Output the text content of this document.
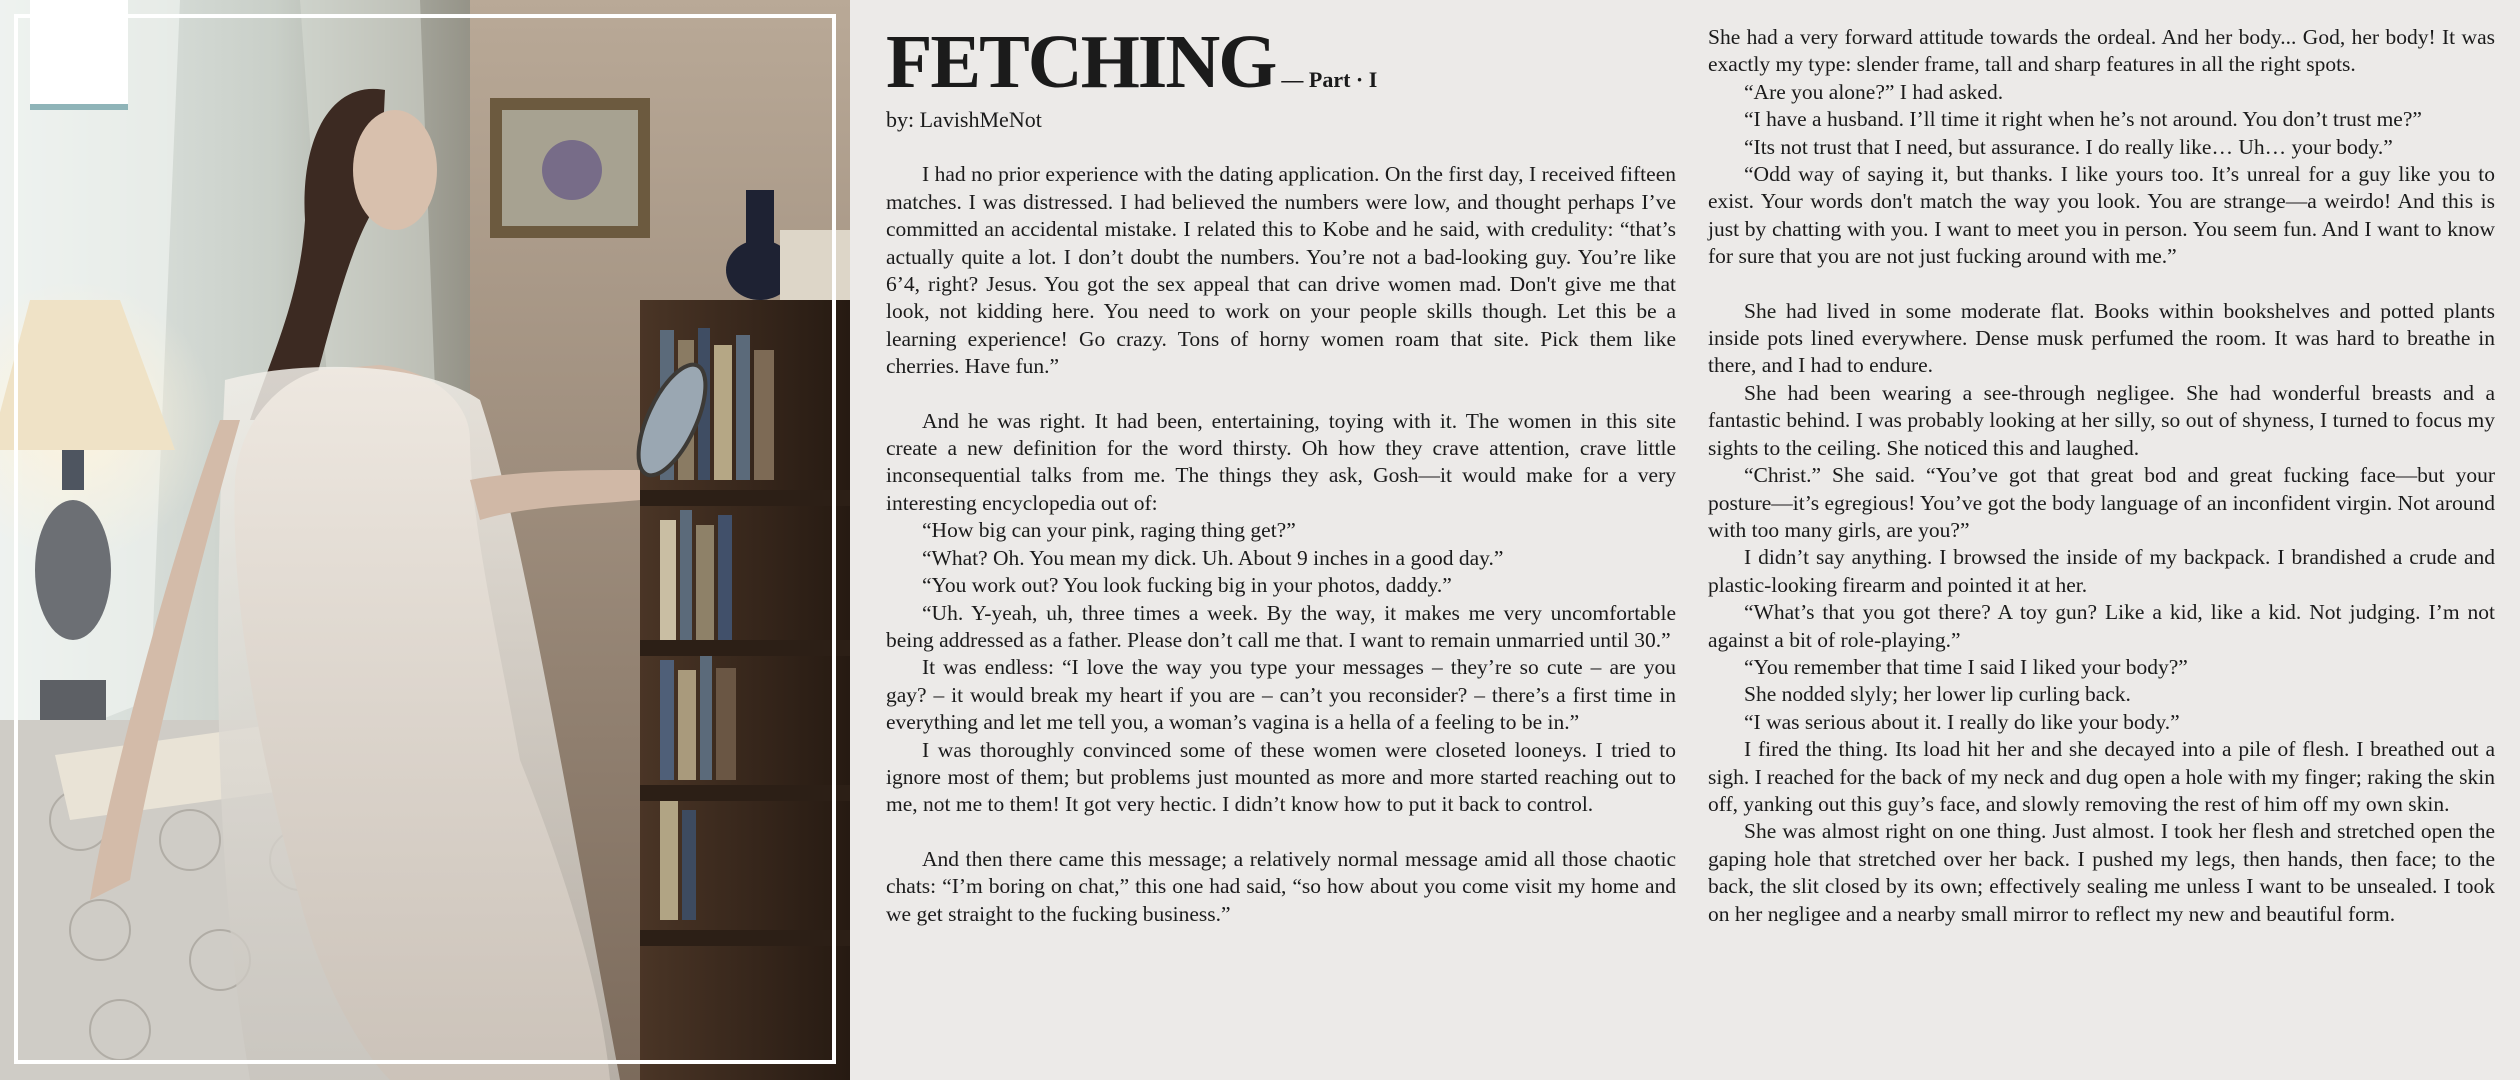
FETCHING — Part · I
by: LavishMeNot

I had no prior experience with the dating application. On the first day, I received fifteen matches. I was distressed. I had believed the numbers were low, and thought perhaps I’ve committed an accidental mistake. I related this to Kobe and he said, with credulity: “that’s actually quite a lot. I don’t doubt the numbers. You’re not a bad-looking guy. You’re like 6’4, right? Jesus. You got the sex appeal that can drive women mad. Don't give me that look, not kidding here. You need to work on your people skills though. Let this be a learning experience! Go crazy. Tons of horny women roam that site. Pick them like cherries. Have fun.”

And he was right. It had been, entertaining, toying with it. The women in this site create a new definition for the word thirsty. Oh how they crave attention, crave little inconsequential talks from me. The things they ask, Gosh—it would make for a very interesting encyclopedia out of:

“How big can your pink, raging thing get?”

“What? Oh. You mean my dick. Uh. About 9 inches in a good day.”

“You work out? You look fucking big in your photos, daddy.”

“Uh. Y-yeah, uh, three times a week. By the way, it makes me very uncomfortable being addressed as a father. Please don’t call me that. I want to remain unmarried until 30.”

It was endless: “I love the way you type your messages – they’re so cute – are you gay? – it would break my heart if you are – can’t you reconsider? – there’s a first time in everything and let me tell you, a woman’s vagina is a hella of a feeling to be in.”

I was thoroughly convinced some of these women were closeted looneys. I tried to ignore most of them; but problems just mounted as more and more started reaching out to me, not me to them! It got very hectic. I didn’t know how to put it back to control.

And then there came this message; a relatively normal message amid all those chaotic chats: “I’m boring on chat,” this one had said, “so how about you come visit my home and we get straight to the fucking business.”

She had a very forward attitude towards the ordeal. And her body... God, her body! It was exactly my type: slender frame, tall and sharp features in all the right spots.

“Are you alone?” I had asked.

“I have a husband. I’ll time it right when he’s not around. You don’t trust me?”

“Its not trust that I need, but assurance. I do really like… Uh… your body.”

“Odd way of saying it, but thanks. I like yours too. It’s unreal for a guy like you to exist. Your words don't match the way you look. You are strange—a weirdo! And this is just by chatting with you. I want to meet you in person. You seem fun. And I want to know for sure that you are not just fucking around with me.”

She had lived in some moderate flat. Books within bookshelves and potted plants inside pots lined everywhere. Dense musk perfumed the room. It was hard to breathe in there, and I had to endure.

She had been wearing a see-through negligee. She had wonderful breasts and a fantastic behind. I was probably looking at her silly, so out of shyness, I turned to focus my sights to the ceiling. She noticed this and laughed.

“Christ.” She said. “You’ve got that great bod and great fucking face—but your posture—it’s egregious! You’ve got the body language of an inconfident virgin. Not around with too many girls, are you?”

I didn’t say anything. I browsed the inside of my backpack. I brandished a crude and plastic-looking firearm and pointed it at her.

“What’s that you got there? A toy gun? Like a kid, like a kid. Not judging. I’m not against a bit of role-playing.”

“You remember that time I said I liked your body?”

She nodded slyly; her lower lip curling back.

“I was serious about it. I really do like your body.”

I fired the thing. Its load hit her and she decayed into a pile of flesh. I breathed out a sigh. I reached for the back of my neck and dug open a hole with my finger; raking the skin off, yanking out this guy’s face, and slowly removing the rest of him off my own skin.

She was almost right on one thing. Just almost. I took her flesh and stretched open the gaping hole that stretched over her back. I pushed my legs, then hands, then face; to the back, the slit closed by its own; effectively sealing me unless I want to be unsealed. I took on her negligee and a nearby small mirror to reflect my new and beautiful form.
